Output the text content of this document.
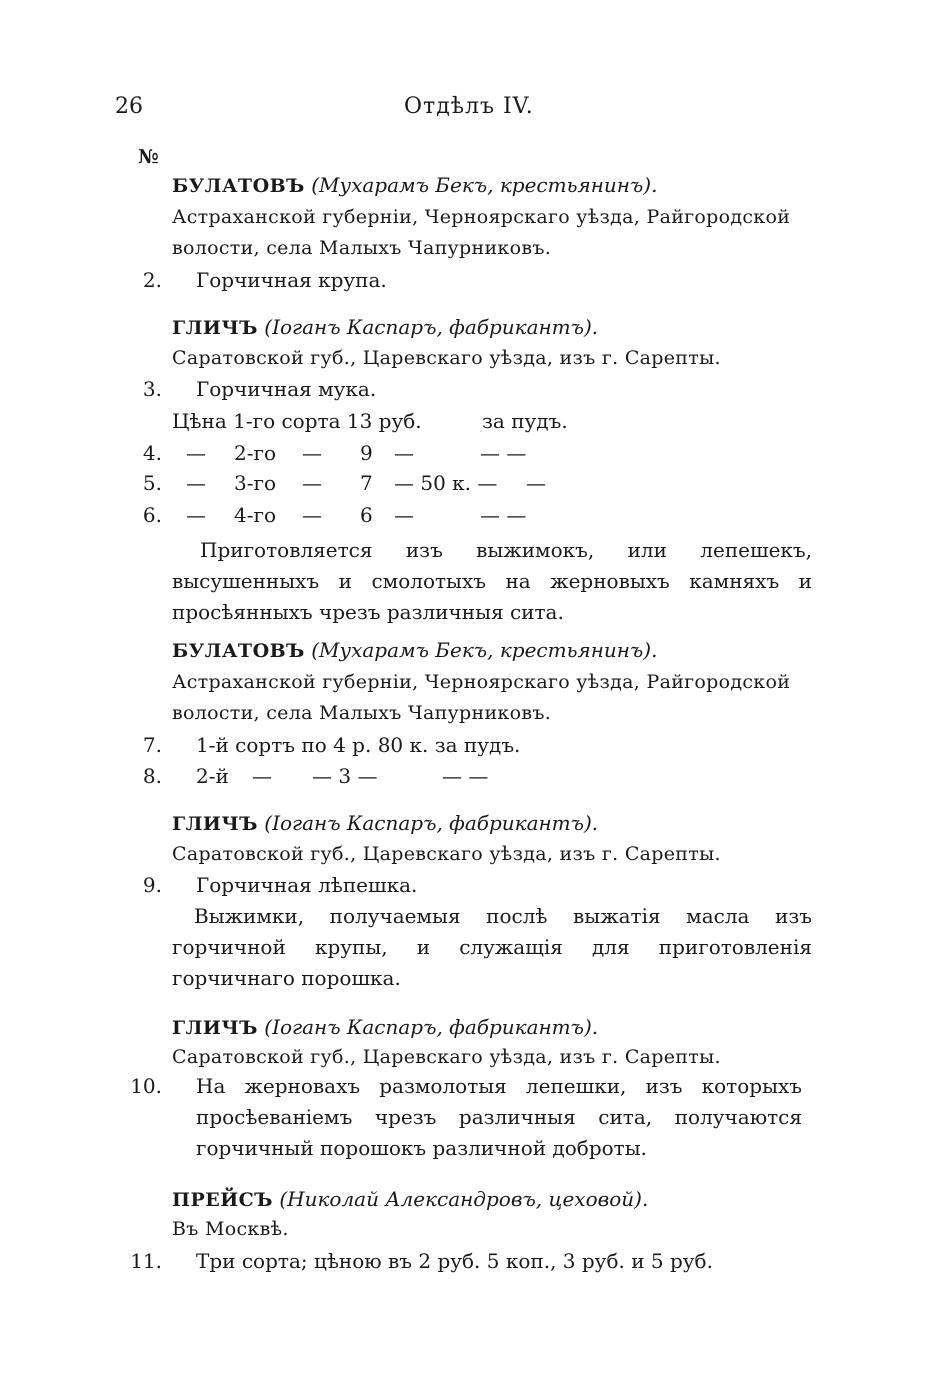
26	Отдѣлъ IV.
№
БУЛАТОВЪ (Мухарамъ Бекъ, крестьянинъ).
Астраханской губерніи, Черноярскаго уѣзда, Райгородской
волости, села Малыхъ Чапурниковъ.
2. Горчичная крупа.
ГЛИЧЪ (Іоганъ Каспаръ, фабрикантъ).
Саратовской губ., Царевскаго уѣзда, изъ г. Сарепты.
3. Горчичная мука.
Цѣна 1-го сорта 13 руб.	за пудъ.
4. — 2-го — 9 —	— —
5. — 3-го — 7 — 50 к. — —
6. — 4-го — 6 —	— —
Приготовляется изъ выжимокъ, или лепешекъ, высушенныхъ и смолотыхъ на жерновыхъ камняхъ и просѣянныхъ чрезъ различныя сита.
БУЛАТОВЪ (Мухарамъ Бекъ, крестьянинъ).
Астраханской губерніи, Черноярскаго уѣзда, Райгородской
волости, села Малыхъ Чапурниковъ.
7. 1-й сортъ по 4 р. 80 к. за пудъ.
8. 2-й — — 3 —	— —
ГЛИЧЪ (Іоганъ Каспаръ, фабрикантъ).
Саратовской губ., Царевскаго уѣзда, изъ г. Сарепты.
9. Горчичная лѣпешка.
Выжимки, получаемыя послѣ выжатія масла изъ горчичной крупы, и служащія для приготовленія горчичнаго порошка.
ГЛИЧЪ (Іоганъ Каспаръ, фабрикантъ).
Саратовской губ., Царевскаго уѣзда, изъ г. Сарепты.
10. На жерновахъ размолотыя лепешки, изъ которыхъ просѣеваніемъ чрезъ различныя сита, получаются горчичный порошокъ различной доброты.
ПРЕЙСЪ (Николай Александровъ, цеховой).
Въ Москвѣ.
11. Три сорта; цѣною въ 2 руб. 5 коп., 3 руб. и 5 руб.
